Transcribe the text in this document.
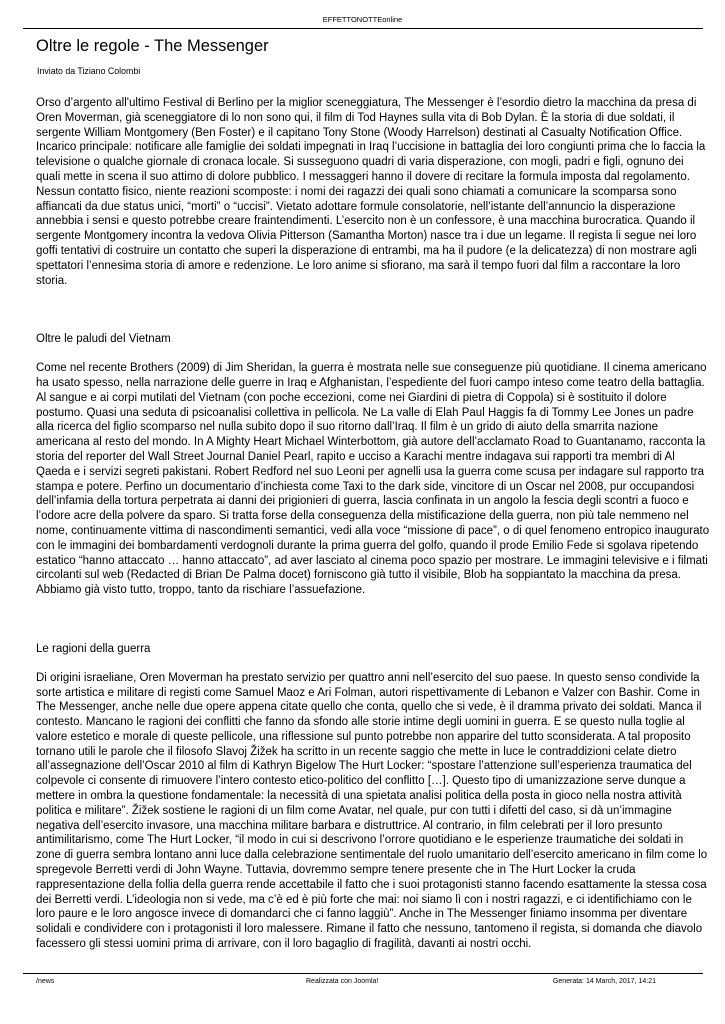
EFFETTONOTTEonline
Oltre le regole - The Messenger
Inviato da Tiziano Colombi

Orso d’argento all'ultimo Festival di Berlino per la miglior sceneggiatura, The Messenger è l’esordio dietro la macchina da presa di Oren Moverman, già sceneggiatore di lo non sono qui, il film di Tod Haynes sulla vita di Bob Dylan. È la storia di due soldati, il sergente William Montgomery (Ben Foster) e il capitano Tony Stone (Woody Harrelson) destinati al Casualty Notification Office. Incarico principale: notificare alle famiglie dei soldati impegnati in Iraq l’uccisione in battaglia dei loro congiunti prima che lo faccia la televisione o qualche giornale di cronaca locale. Si susseguono quadri di varia disperazione, con mogli, padri e figli, ognuno dei quali mette in scena il suo attimo di dolore pubblico. I messaggeri hanno il dovere di recitare la formula imposta dal regolamento. Nessun contatto fisico, niente reazioni scomposte: i nomi dei ragazzi dei quali sono chiamati a comunicare la scomparsa sono affiancati da due status unici, “morti” o “uccisi”. Vietato adottare formule consolatorie, nell’istante dell’annuncio la disperazione annebbia i sensi e questo potrebbe creare fraintendimenti. L’esercito non è un confessore, è una macchina burocratica. Quando il sergente Montgomery incontra la vedova Olivia Pitterson (Samantha Morton) nasce tra i due un legame. Il regista li segue nei loro goffi tentativi di costruire un contatto che superi la disperazione di entrambi, ma ha il pudore (e la delicatezza) di non mostrare agli spettatori l’ennesima storia di amore e redenzione. Le loro anime si sfiorano, ma sarà il tempo fuori dal film a raccontare la loro storia.

Oltre le paludi del Vietnam

Come nel recente Brothers (2009) di Jim Sheridan, la guerra è mostrata nelle sue conseguenze più quotidiane. Il cinema americano ha usato spesso, nella narrazione delle guerre in Iraq e Afghanistan, l’espediente del fuori campo inteso come teatro della battaglia. Al sangue e ai corpi mutilati del Vietnam (con poche eccezioni, come nei Giardini di pietra di Coppola) si è sostituito il dolore postumo. Quasi una seduta di psicoanalisi collettiva in pellicola. Ne La valle di Elah Paul Haggis fa di Tommy Lee Jones un padre alla ricerca del figlio scomparso nel nulla subito dopo il suo ritorno dall’Iraq. Il film è un grido di aiuto della smarrita nazione americana al resto del mondo. In A Mighty Heart Michael Winterbottom, già autore dell’acclamato Road to Guantanamo, racconta la storia del reporter del Wall Street Journal Daniel Pearl, rapito e ucciso a Karachi mentre indagava sui rapporti tra membri di Al Qaeda e i servizi segreti pakistani. Robert Redford nel suo Leoni per agnelli usa la guerra come scusa per indagare sul rapporto tra stampa e potere. Perfino un documentario d’inchiesta come Taxi to the dark side, vincitore di un Oscar nel 2008, pur occupandosi dell’infamia della tortura perpetrata ai danni dei prigionieri di guerra, lascia confinata in un angolo la fescia degli scontri a fuoco e l’odore acre della polvere da sparo. Si tratta forse della conseguenza della mistificazione della guerra, non più tale nemmeno nel nome, continuamente vittima di nascondimenti semantici, vedi alla voce “missione di pace”, o di quel fenomeno entropico inaugurato con le immagini dei bombardamenti verdognoli durante la prima guerra del golfo, quando il prode Emilio Fede si sgolava ripetendo estatico “hanno attaccato … hanno attaccato”, ad aver lasciato al cinema poco spazio per mostrare. Le immagini televisive e i filmati circolanti sul web (Redacted di Brian De Palma docet) forniscono già tutto il visibile, Blob ha soppiantato la macchina da presa. Abbiamo già visto tutto, troppo, tanto da rischiare l’assuefazione.

Le ragioni della guerra

Di origini israeliane, Oren Moverman ha prestato servizio per quattro anni nell’esercito del suo paese. In questo senso condivide la sorte artistica e militare di registi come Samuel Maoz e Ari Folman, autori rispettivamente di Lebanon e Valzer con Bashir. Come in The Messenger, anche nelle due opere appena citate quello che conta, quello che si vede, è il dramma privato dei soldati. Manca il contesto. Mancano le ragioni dei conflitti che fanno da sfondo alle storie intime degli uomini in guerra. E se questo nulla toglie al valore estetico e morale di queste pellicole, una riflessione sul punto potrebbe non apparire del tutto sconsiderata. A tal proposito tornano utili le parole che il filosofo Slavoj Žižek ha scritto in un recente saggio che mette in luce le contraddizioni celate dietro all’assegnazione dell’Oscar 2010 al film di Kathryn Bigelow The Hurt Locker: “spostare l’attenzione sull’esperienza traumatica del colpevole ci consente di rimuovere l’intero contesto etico-politico del conflitto […]. Questo tipo di umanizzazione serve dunque a mettere in ombra la questione fondamentale: la necessità di una spietata analisi politica della posta in gioco nella nostra attività politica e militare”. Žižek sostiene le ragioni di un film come Avatar, nel quale, pur con tutti i difetti del caso, si dà un’immagine negativa dell’esercito invasore, una macchina militare barbara e distruttrice. Al contrario, in film celebrati per il loro presunto antimilitarismo, come The Hurt Locker, “il modo in cui si descrivono l’orrore quotidiano e le esperienze traumatiche dei soldati in zone di guerra sembra lontano anni luce dalla celebrazione sentimentale del ruolo umanitario dell’esercito americano in film come lo spregevole Berretti verdi di John Wayne. Tuttavia, dovremmo sempre tenere presente che in The Hurt Locker la cruda rappresentazione della follia della guerra rende accettabile il fatto che i suoi protagonisti stanno facendo esattamente la stessa cosa dei Berretti verdi. L’ideologia non si vede, ma c’è ed è più forte che mai: noi siamo lì con i nostri ragazzi, e ci identifichiamo con le loro paure e le loro angosce invece di domandarci che ci fanno laggiù”. Anche in The Messenger finiamo insomma per diventare solidali e condividere con i protagonisti il loro malessere. Rimane il fatto che nessuno, tantomeno il regista, si domanda che diavolo facessero gli stessi uomini prima di arrivare, con il loro bagaglio di fragilità, davanti ai nostri occhi.

/news	Realizzata con Joomla!	Generata: 14 March, 2017, 14:21
